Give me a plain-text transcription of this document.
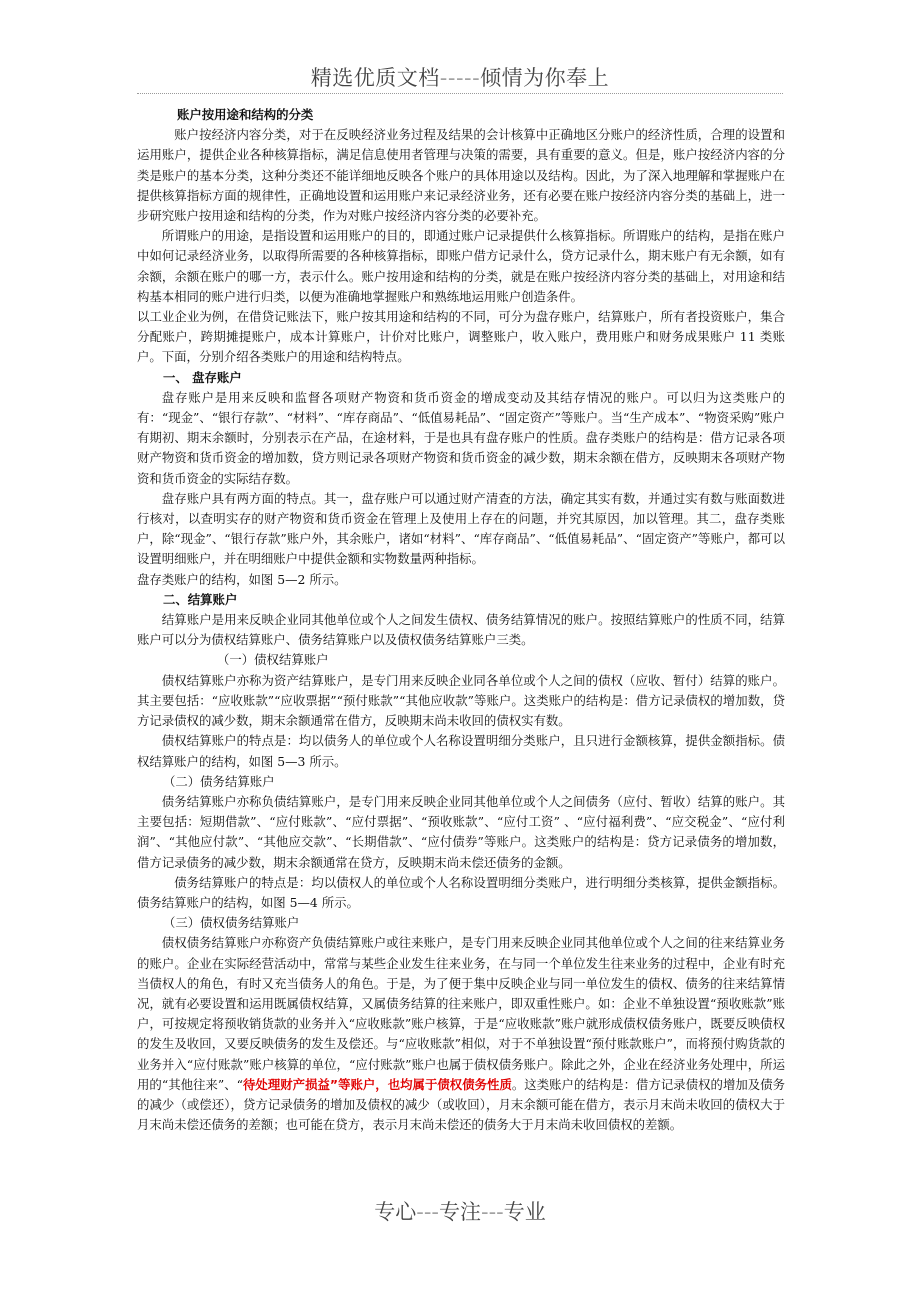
精选优质文档-----倾情为你奉上

账户按用途和结构的分类

账户按经济内容分类，对于在反映经济业务过程及结果的会计核算中正确地区分账户的经济性质，合理的设置和运用账户，提供企业各种核算指标，满足信息使用者管理与决策的需要，具有重要的意义。但是，账户按经济内容的分类是账户的基本分类，这种分类还不能详细地反映各个账户的具体用途以及结构。因此，为了深入地理解和掌握账户在提供核算指标方面的规律性，正确地设置和运用账户来记录经济业务，还有必要在账户按经济内容分类的基础上，进一步研究账户按用途和结构的分类，作为对账户按经济内容分类的必要补充。

所谓账户的用途，是指设置和运用账户的目的，即通过账户记录提供什么核算指标。所谓账户的结构，是指在账户中如何记录经济业务，以取得所需要的各种核算指标，即账户借方记录什么，贷方记录什么，期末账户有无余额，如有余额，余额在账户的哪一方，表示什么。账户按用途和结构的分类，就是在账户按经济内容分类的基础上，对用途和结构基本相同的账户进行归类，以便为准确地掌握账户和熟练地运用账户创造条件。

以工业企业为例，在借贷记账法下，账户按其用途和结构的不同，可分为盘存账户，结算账户，所有者投资账户，集合分配账户，跨期摊提账户，成本计算账户，计价对比账户，调整账户，收入账户，费用账户和财务成果账户 11 类账户。下面，分别介绍各类账户的用途和结构特点。

一、 盘存账户

盘存账户是用来反映和监督各项财产物资和货币资金的增成变动及其结存情况的账户。可以归为这类账户的有：“现金”、“银行存款”、“材料”、“库存商品”、“低值易耗品”、“固定资产”等账户。当“生产成本”、“物资采购”账户有期初、期末余额时，分别表示在产品，在途材料，于是也具有盘存账户的性质。盘存类账户的结构是：借方记录各项财产物资和货币资金的增加数，贷方则记录各项财产物资和货币资金的减少数，期末余额在借方，反映期末各项财产物资和货币资金的实际结存数。

盘存账户具有两方面的特点。其一，盘存账户可以通过财产清查的方法，确定其实有数，并通过实有数与账面数进行核对，以查明实存的财产物资和货币资金在管理上及使用上存在的问题，并究其原因，加以管理。其二，盘存类账户，除“现金”、“银行存款”账户外，其余账户，诸如“材料”、“库存商品”、“低值易耗品”、“固定资产”等账户，都可以设置明细账户，并在明细账户中提供金额和实物数量两种指标。

盘存类账户的结构，如图 5—2 所示。

二、结算账户

结算账户是用来反映企业同其他单位或个人之间发生债权、债务结算情况的账户。按照结算账户的性质不同，结算账户可以分为债权结算账户、债务结算账户以及债权债务结算账户三类。

（一）债权结算账户

债权结算账户亦称为资产结算账户，是专门用来反映企业同各单位或个人之间的债权（应收、暂付）结算的账户。其主要包括：“应收账款”“应收票据”“预付账款”“其他应收款”等账户。这类账户的结构是：借方记录债权的增加数，贷方记录债权的减少数，期末余额通常在借方，反映期末尚未收回的债权实有数。

债权结算账户的特点是：均以债务人的单位或个人名称设置明细分类账户，且只进行金额核算，提供金额指标。债权结算账户的结构，如图 5—3 所示。

（二）债务结算账户

债务结算账户亦称负债结算账户，是专门用来反映企业同其他单位或个人之间债务（应付、暂收）结算的账户。其主要包括：短期借款”、“应付账款”、“应付票据”、“预收账款”、“应付工资” 、“应付福利费”、“应交税金”、“应付利润”、“其他应付款”、“其他应交款”、“长期借款”、“应付债券”等账户。这类账户的结构是：贷方记录债务的增加数，借方记录债务的减少数，期末余额通常在贷方，反映期末尚未偿还债务的金额。

债务结算账户的特点是：均以债权人的单位或个人名称设置明细分类账户，进行明细分类核算，提供金额指标。 债务结算账户的结构，如图 5—4 所示。

（三）债权债务结算账户

债权债务结算账户亦称资产负债结算账户或往来账户，是专门用来反映企业同其他单位或个人之间的往来结算业务的账户。企业在实际经营活动中，常常与某些企业发生往来业务，在与同一个单位发生往来业务的过程中，企业有时充当债权人的角色，有时又充当债务人的角色。于是，为了便于集中反映企业与同一单位发生的债权、债务的往来结算情况，就有必要设置和运用既属债权结算，又属债务结算的往来账户，即双重性账户。如：企业不单独设置“预收账款”账户，可按规定将预收销货款的业务并入“应收账款”账户核算，于是“应收账款”账户就形成债权债务账户，既要反映债权的发生及收回，又要反映债务的发生及偿还。与“应收账款”相似，对于不单独设置“预付账款账户”，而将预付购货款的业务并入“应付账款”账户核算的单位，“应付账款”账户也属于债权债务账户。除此之外，企业在经济业务处理中，所运用的“其他往来”、“待处理财产损益”等账户，也均属于债权债务性质。这类账户的结构是：借方记录债权的增加及债务的减少（或偿还），贷方记录债务的增加及债权的减少（或收回），月末余额可能在借方，表示月末尚未收回的债权大于月末尚未偿还债务的差额；也可能在贷方，表示月末尚未偿还的债务大于月末尚未收回债权的差额。

专心---专注---专业
